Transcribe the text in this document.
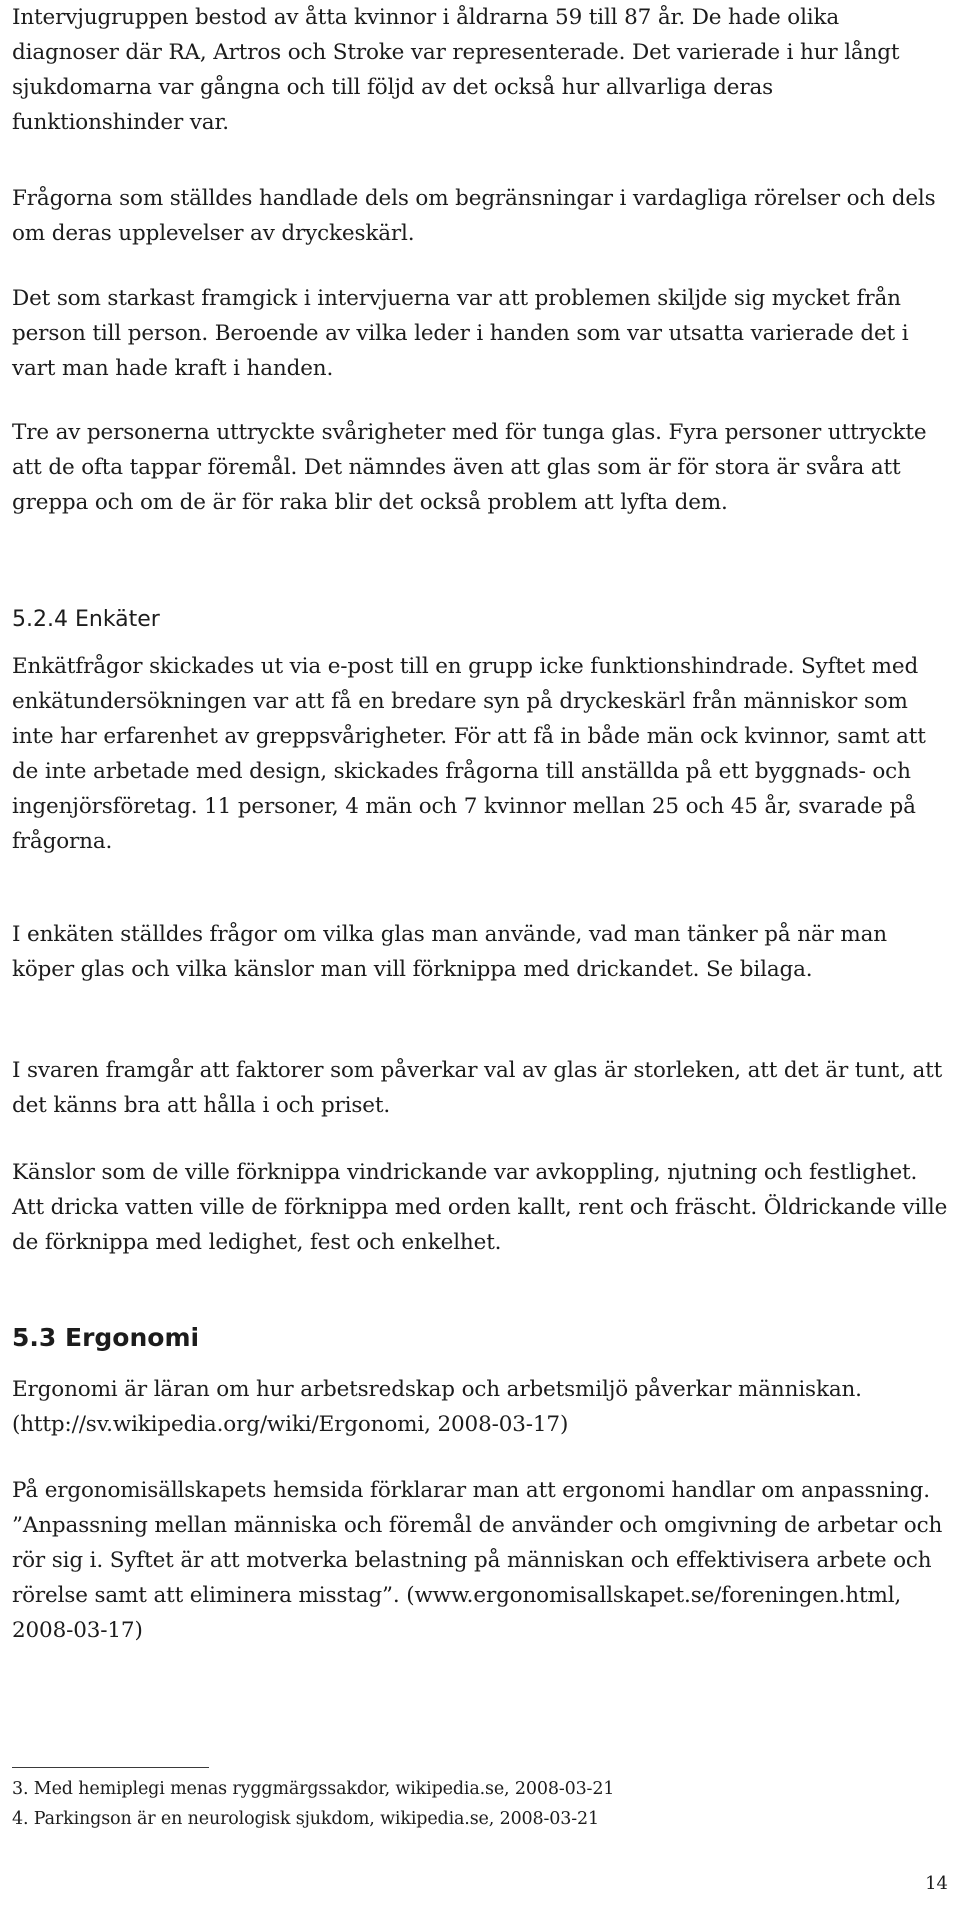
Intervjugruppen bestod av åtta kvinnor i åldrarna 59 till 87 år. De hade olika diagnoser där RA, Artros och Stroke var representerade. Det varierade i hur långt sjukdomarna var gångna och till följd av det också hur allvarliga deras funktionshinder var.

Frågorna som ställdes handlade dels om begränsningar i vardagliga rörelser och dels om deras upplevelser av dryckeskärl.

Det som starkast framgick i intervjuerna var att problemen skiljde sig mycket från person till person. Beroende av vilka leder i handen som var utsatta varierade det i vart man hade kraft i handen.

Tre av personerna uttryckte svårigheter med för tunga glas. Fyra personer uttryckte att de ofta tappar föremål. Det nämndes även att glas som är för stora är svåra att greppa och om de är för raka blir det också problem att lyfta dem.

5.2.4 Enkäter

Enkätfrågor skickades ut via e-post till en grupp icke funktionshindrade. Syftet med enkätundersökningen var att få en bredare syn på dryckeskärl från människor som inte har erfarenhet av greppsvårigheter. För att få in både män ock kvinnor, samt att de inte arbetade med design, skickades frågorna till anställda på ett byggnads- och ingenjörsföretag. 11 personer, 4 män och 7 kvinnor mellan 25 och 45 år, svarade på frågorna.

I enkäten ställdes frågor om vilka glas man använde, vad man tänker på när man köper glas och vilka känslor man vill förknippa med drickandet. Se bilaga.

I svaren framgår att faktorer som påverkar val av glas är storleken, att det är tunt, att det känns bra att hålla i och priset.

Känslor som de ville förknippa vindrickande var avkoppling, njutning och festlighet. Att dricka vatten ville de förknippa med orden kallt, rent och fräscht. Öldrickande ville de förknippa med ledighet, fest och enkelhet.

5.3 Ergonomi

Ergonomi är läran om hur arbetsredskap och arbetsmiljö påverkar människan. (http://sv.wikipedia.org/wiki/Ergonomi, 2008-03-17)

På ergonomisällskapets hemsida förklarar man att ergonomi handlar om anpassning. ”Anpassning mellan människa och föremål de använder och omgivning de arbetar och rör sig i. Syftet är att motverka belastning på människan och effektivisera arbete och rörelse samt att eliminera misstag”. (www.ergonomisallskapet.se/foreningen.html, 2008-03-17)

3. Med hemiplegi menas ryggmärgssakdor, wikipedia.se, 2008-03-21

4. Parkingson är en neurologisk sjukdom, wikipedia.se, 2008-03-21

14
